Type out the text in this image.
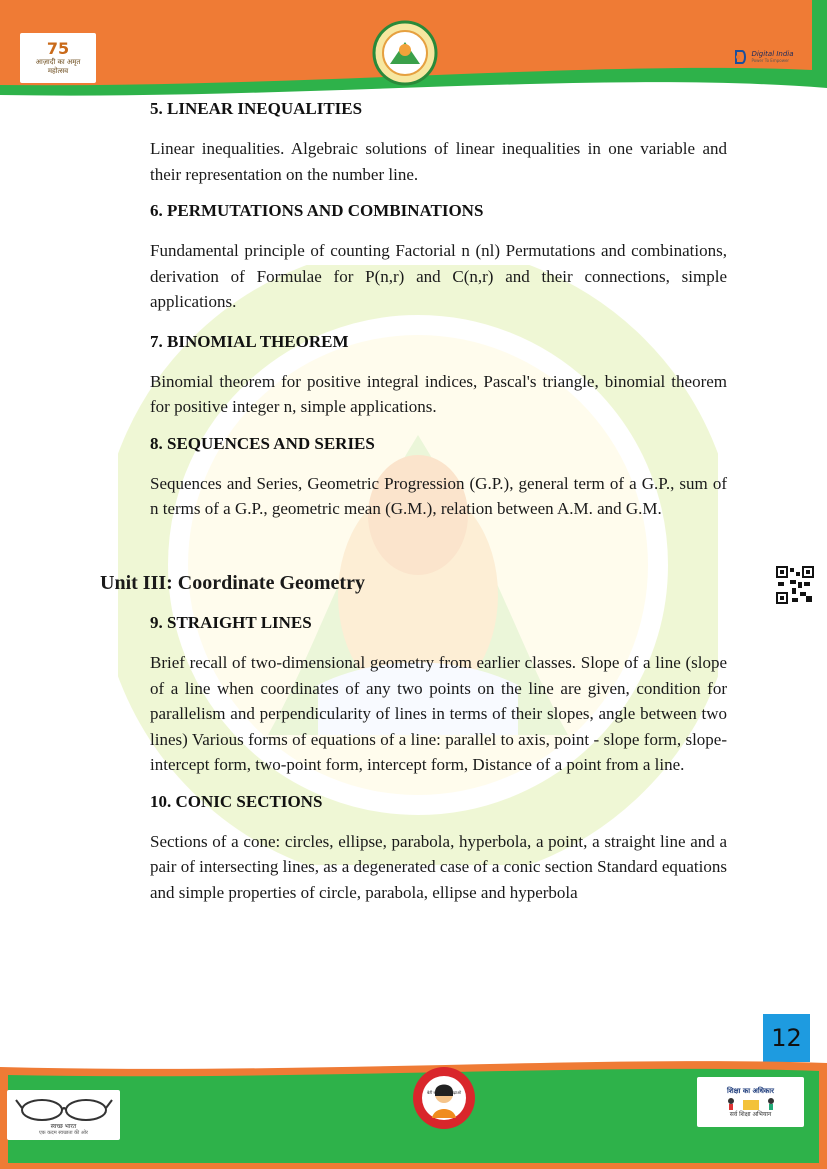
75
आज़ादी का अमृत महोत्सव
Digital India
Power To Empower
5. LINEAR INEQUALITIES

Linear inequalities. Algebraic solutions of linear inequalities in one variable and their representation on the number line.

6. PERMUTATIONS AND COMBINATIONS

Fundamental principle of counting Factorial n (nl) Permutations and combinations, derivation of Formulae for P(n,r) and C(n,r) and their connections, simple applications.

7. BINOMIAL THEOREM

Binomial theorem for positive integral indices, Pascal's triangle, binomial theorem for positive integer n, simple applications.

8. SEQUENCES AND SERIES

Sequences and Series, Geometric Progression (G.P.), general term of a G.P., sum of n terms of a G.P., geometric mean (G.M.), relation between A.M. and G.M.

Unit III: Coordinate Geometry
9. STRAIGHT LINES

Brief recall of two-dimensional geometry from earlier classes. Slope of a line (slope of a line when coordinates of any two points on the line are given, condition for parallelism and perpendicularity of lines in terms of their slopes, angle between two lines) Various forms of equations of a line: parallel to axis, point - slope form, slope-intercept form, two-point form, intercept form, Distance of a point from a line.

10. CONIC SECTIONS

Sections of a cone: circles, ellipse, parabola, hyperbola, a point, a straight line and a pair of intersecting lines, as a degenerated case of a conic section Standard equations and simple properties of circle, parabola, ellipse and hyperbola

12
स्वच्छ भारत
एक कदम स्वच्छता की ओर
बेटी बचाओ बेटी पढ़ाओ	शिक्षा का अधिकार
सर्व शिक्षा अभियान
